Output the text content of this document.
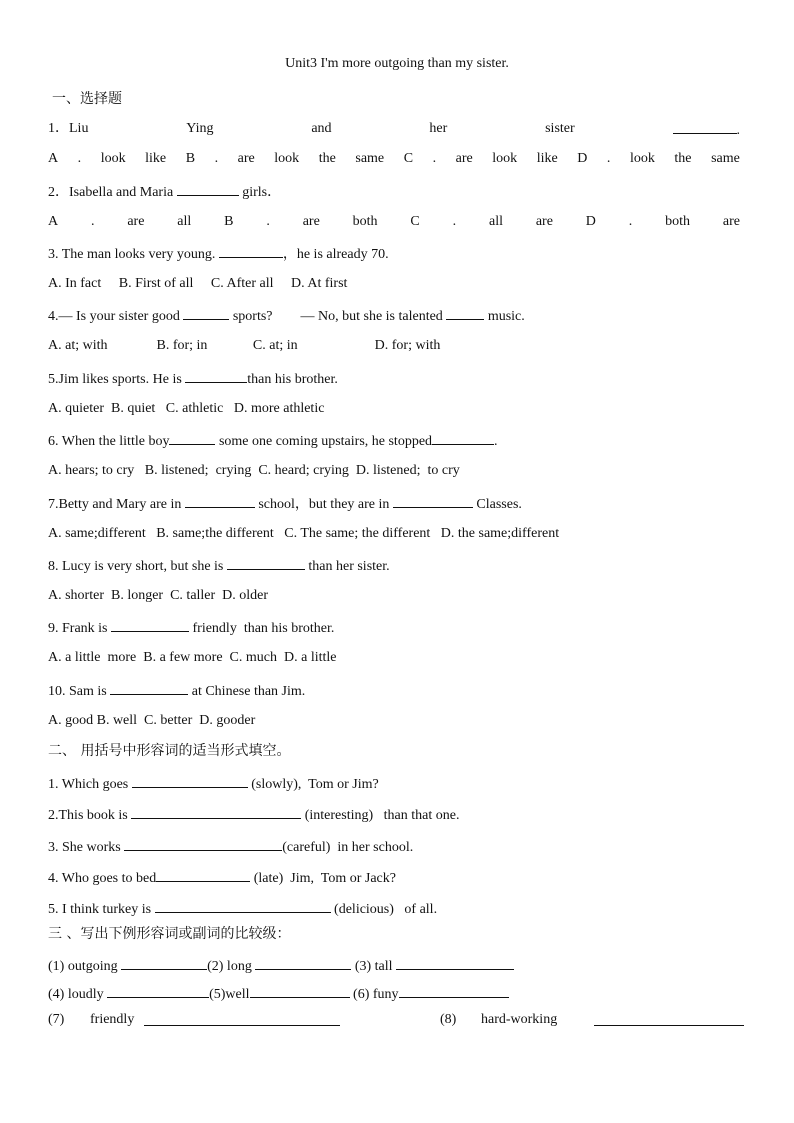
Unit3 I'm more outgoing than my sister.
一、选择题
1．Liu	Ying	and	her	sister	.
A . look like B . are look the same C . are look like D . look the same
2．Isabella and Maria	girls．
A . are all B . are both C . all are D . both are
3. The man looks very young.	，he is already 70.
A. In fact     B. First of all     C. After all     D. At first
4.— Is your sister good	sports?        — No, but she is talented	music.
A. at; with              B. for; in             C. at; in                      D. for; with
5.Jim likes sports. He is	than his brother.
A. quieter  B. quiet   C. athletic   D. more athletic
6. When the little boy	some one coming upstairs, he stopped	.
A. hears; to cry   B. listened;  crying  C. heard; crying  D. listened;  to cry
7.Betty and Mary are in	school，but they are in	Classes.
A. same;different   B. same;the different   C. The same; the different   D. the same;different
8. Lucy is very short, but she is	than her sister.
A. shorter  B. longer  C. taller  D. older
9. Frank is	friendly  than his brother.
A. a little  more  B. a few more  C. much  D. a little
10. Sam is	at Chinese than Jim.
A. good B. well  C. better  D. gooder
二、 用括号中形容词的适当形式填空。
1. Which goes	(slowly),  Tom or Jim?
2.This book is	(interesting)   than that one.
3. She works	(careful)  in her school.
4. Who goes to bed	(late)  Jim,  Tom or Jack?
5. I think turkey is	(delicious)   of all.
三 、写出下例形容词或副词的比较级：
(1) outgoing	(2) long	(3) tall
(4) loudly	(5)well	(6) funy
(7) friendly	(8) hard-working
